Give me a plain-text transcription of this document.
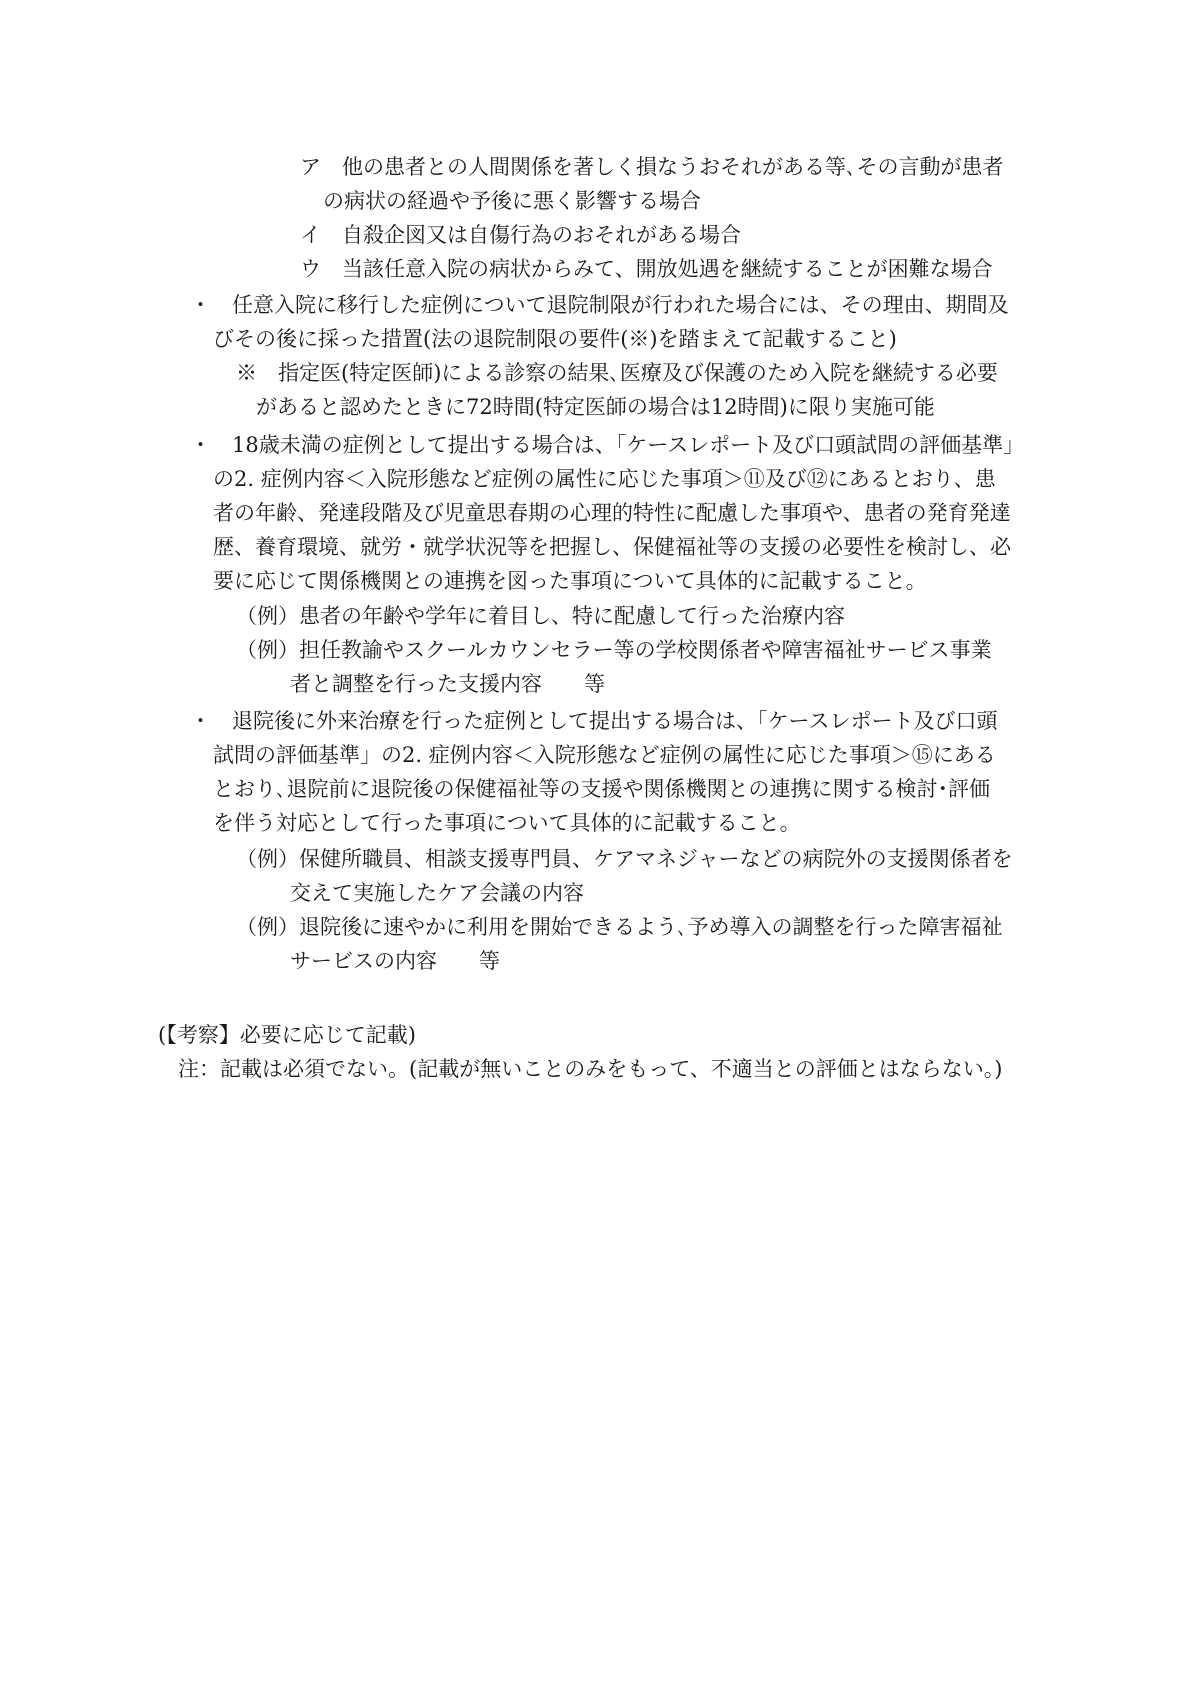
ア　他の患者との人間関係を著しく損なうおそれがある等､その言動が患者
の病状の経過や予後に悪く影響する場合
イ　自殺企図又は自傷行為のおそれがある場合
ウ　当該任意入院の病状からみて、開放処遇を継続することが困難な場合
・　任意入院に移行した症例について退院制限が行われた場合には、その理由、期間及
びその後に採った措置(法の退院制限の要件(※)を踏まえて記載すること)
※　指定医(特定医師)による診察の結果､医療及び保護のため入院を継続する必要
があると認めたときに72時間(特定医師の場合は12時間)に限り実施可能
・　18歳未満の症例として提出する場合は、「ケースレポート及び口頭試問の評価基準」
の2. 症例内容＜入院形態など症例の属性に応じた事項＞⑪及び⑫にあるとおり、患
者の年齢、発達段階及び児童思春期の心理的特性に配慮した事項や、患者の発育発達
歴、養育環境、就労・就学状況等を把握し、保健福祉等の支援の必要性を検討し、必
要に応じて関係機関との連携を図った事項について具体的に記載すること。
（例）患者の年齢や学年に着目し、特に配慮して行った治療内容
（例）担任教諭やスクールカウンセラー等の学校関係者や障害福祉サービス事業
者と調整を行った支援内容　　等
・　退院後に外来治療を行った症例として提出する場合は、「ケースレポート及び口頭
試問の評価基準」の2. 症例内容＜入院形態など症例の属性に応じた事項＞⑮にある
とおり､退院前に退院後の保健福祉等の支援や関係機関との連携に関する検討･評価
を伴う対応として行った事項について具体的に記載すること。
（例）保健所職員、相談支援専門員、ケアマネジャーなどの病院外の支援関係者を
交えて実施したケア会議の内容
（例）退院後に速やかに利用を開始できるよう､予め導入の調整を行った障害福祉
サービスの内容　　等
(【考察】必要に応じて記載)
注：記載は必須でない。(記載が無いことのみをもって、不適当との評価とはならない。)
